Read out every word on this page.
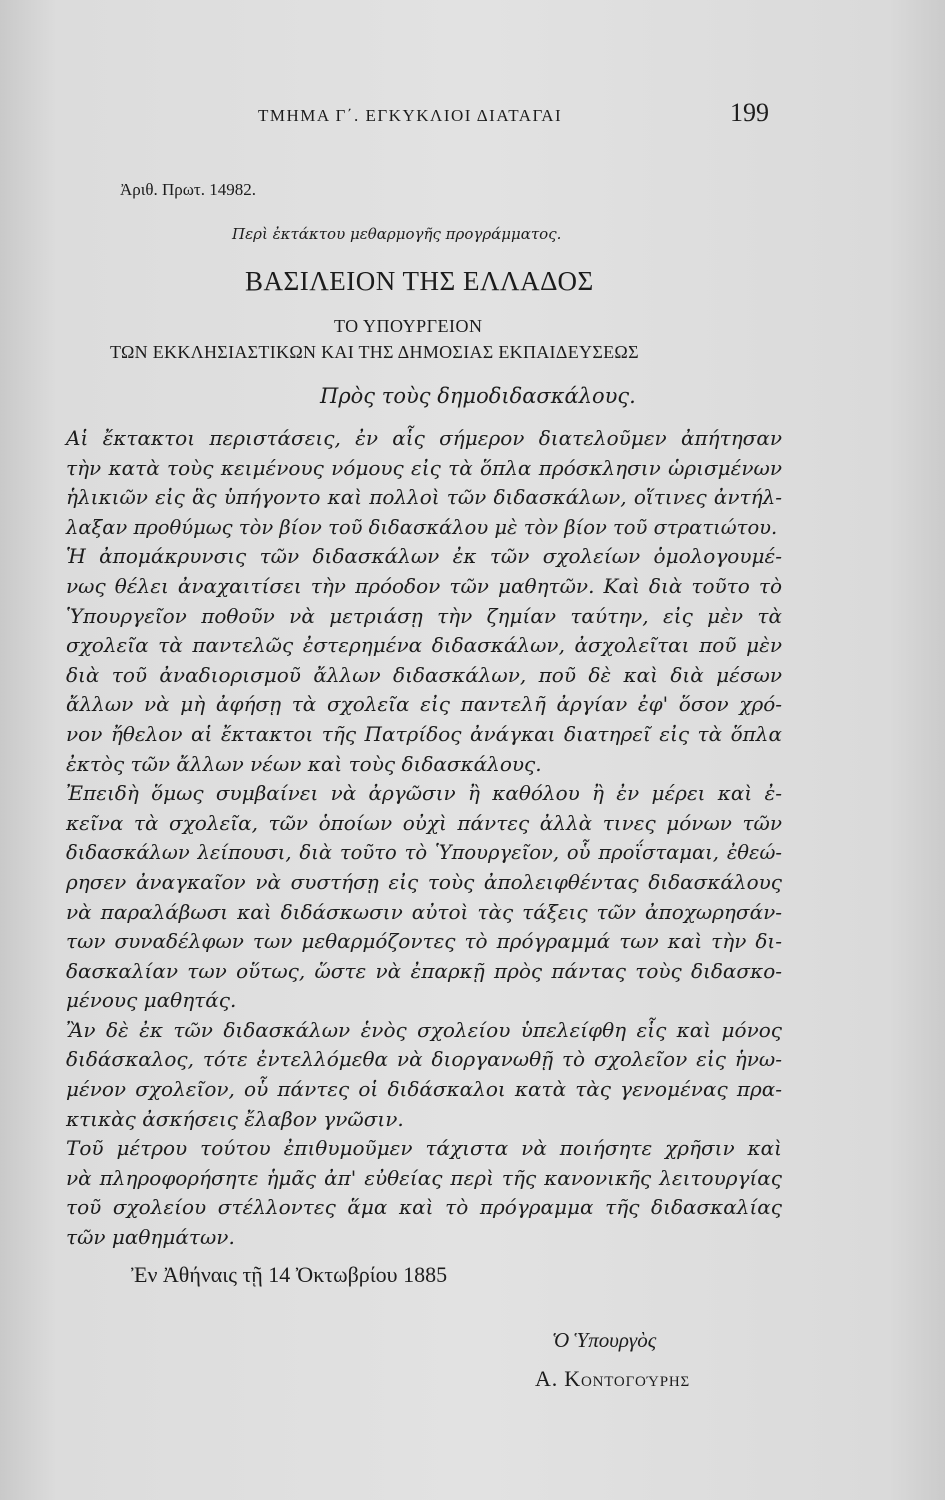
ΤΜΗΜΑ Γ΄. ΕΓΚΥΚΛΙΟΙ ΔΙΑΤΑΓΑΙ	199
Ἀριθ. Πρωτ. 14982.
Περὶ ἐκτάκτου μεθαρμογῆς προγράμματος.
ΒΑΣΙΛΕΙΟΝ ΤΗΣ ΕΛΛΑΔΟΣ
ΤΟ ΥΠΟΥΡΓΕΙΟΝ
ΤΩΝ ΕΚΚΛΗΣΙΑΣΤΙΚΩΝ ΚΑΙ ΤΗΣ ΔΗΜΟΣΙΑΣ ΕΚΠΑΙΔΕΥΣΕΩΣ
Πρὸς τοὺς δημοδιδασκάλους.
Αἱ ἔκτακτοι περιστάσεις, ἐν αἷς σήμερον διατελοῦμεν ἀπήτησαν
τὴν κατὰ τοὺς κειμένους νόμους εἰς τὰ ὅπλα πρόσκλησιν ὡρισμένων
ἡλικιῶν εἰς ἃς ὑπήγοντο καὶ πολλοὶ τῶν διδασκάλων, οἵτινες ἀντήλ-
λαξαν προθύμως τὸν βίον τοῦ διδασκάλου μὲ τὸν βίον τοῦ στρατιώτου.
Ἡ ἀπομάκρυνσις τῶν διδασκάλων ἐκ τῶν σχολείων ὁμολογουμέ-
νως θέλει ἀναχαιτίσει τὴν πρόοδον τῶν μαθητῶν. Καὶ διὰ τοῦτο τὸ
Ὑπουργεῖον ποθοῦν νὰ μετριάσῃ τὴν ζημίαν ταύτην, εἰς μὲν τὰ
σχολεῖα τὰ παντελῶς ἐστερημένα διδασκάλων, ἀσχολεῖται ποῦ μὲν
διὰ τοῦ ἀναδιορισμοῦ ἄλλων διδασκάλων, ποῦ δὲ καὶ διὰ μέσων
ἄλλων νὰ μὴ ἀφήσῃ τὰ σχολεῖα εἰς παντελῆ ἀργίαν ἐφ' ὅσον χρό-
νον ἤθελον αἱ ἔκτακτοι τῆς Πατρίδος ἀνάγκαι διατηρεῖ εἰς τὰ ὅπλα
ἐκτὸς τῶν ἄλλων νέων καὶ τοὺς διδασκάλους.
Ἐπειδὴ ὅμως συμβαίνει νὰ ἀργῶσιν ἢ καθόλου ἢ ἐν μέρει καὶ ἐ-
κεῖνα τὰ σχολεῖα, τῶν ὁποίων οὐχὶ πάντες ἀλλὰ τινες μόνων τῶν
διδασκάλων λείπουσι, διὰ τοῦτο τὸ Ὑπουργεῖον, οὗ προΐσταμαι, ἐθεώ-
ρησεν ἀναγκαῖον νὰ συστήσῃ εἰς τοὺς ἀπολειφθέντας διδασκάλους
νὰ παραλάβωσι καὶ διδάσκωσιν αὐτοὶ τὰς τάξεις τῶν ἀποχωρησάν-
των συναδέλφων των μεθαρμόζοντες τὸ πρόγραμμά των καὶ τὴν δι-
δασκαλίαν των οὕτως, ὥστε νὰ ἐπαρκῇ πρὸς πάντας τοὺς διδασκο-
μένους μαθητάς.
Ἂν δὲ ἐκ τῶν διδασκάλων ἑνὸς σχολείου ὑπελείφθη εἷς καὶ μόνος
διδάσκαλος, τότε ἐντελλόμεθα νὰ διοργανωθῇ τὸ σχολεῖον εἰς ἡνω-
μένον σχολεῖον, οὗ πάντες οἱ διδάσκαλοι κατὰ τὰς γενομένας πρα-
κτικὰς ἀσκήσεις ἔλαβον γνῶσιν.
Τοῦ μέτρου τούτου ἐπιθυμοῦμεν τάχιστα νὰ ποιήσητε χρῆσιν καὶ
νὰ πληροφορήσητε ἡμᾶς ἀπ' εὐθείας περὶ τῆς κανονικῆς λειτουργίας
τοῦ σχολείου στέλλοντες ἅμα καὶ τὸ πρόγραμμα τῆς διδασκαλίας
τῶν μαθημάτων.
Ἐν Ἀθήναις τῇ 14 Ὀκτωβρίου 1885
Ὁ Ὑπουργὸς
Α. Κοντογούρης
